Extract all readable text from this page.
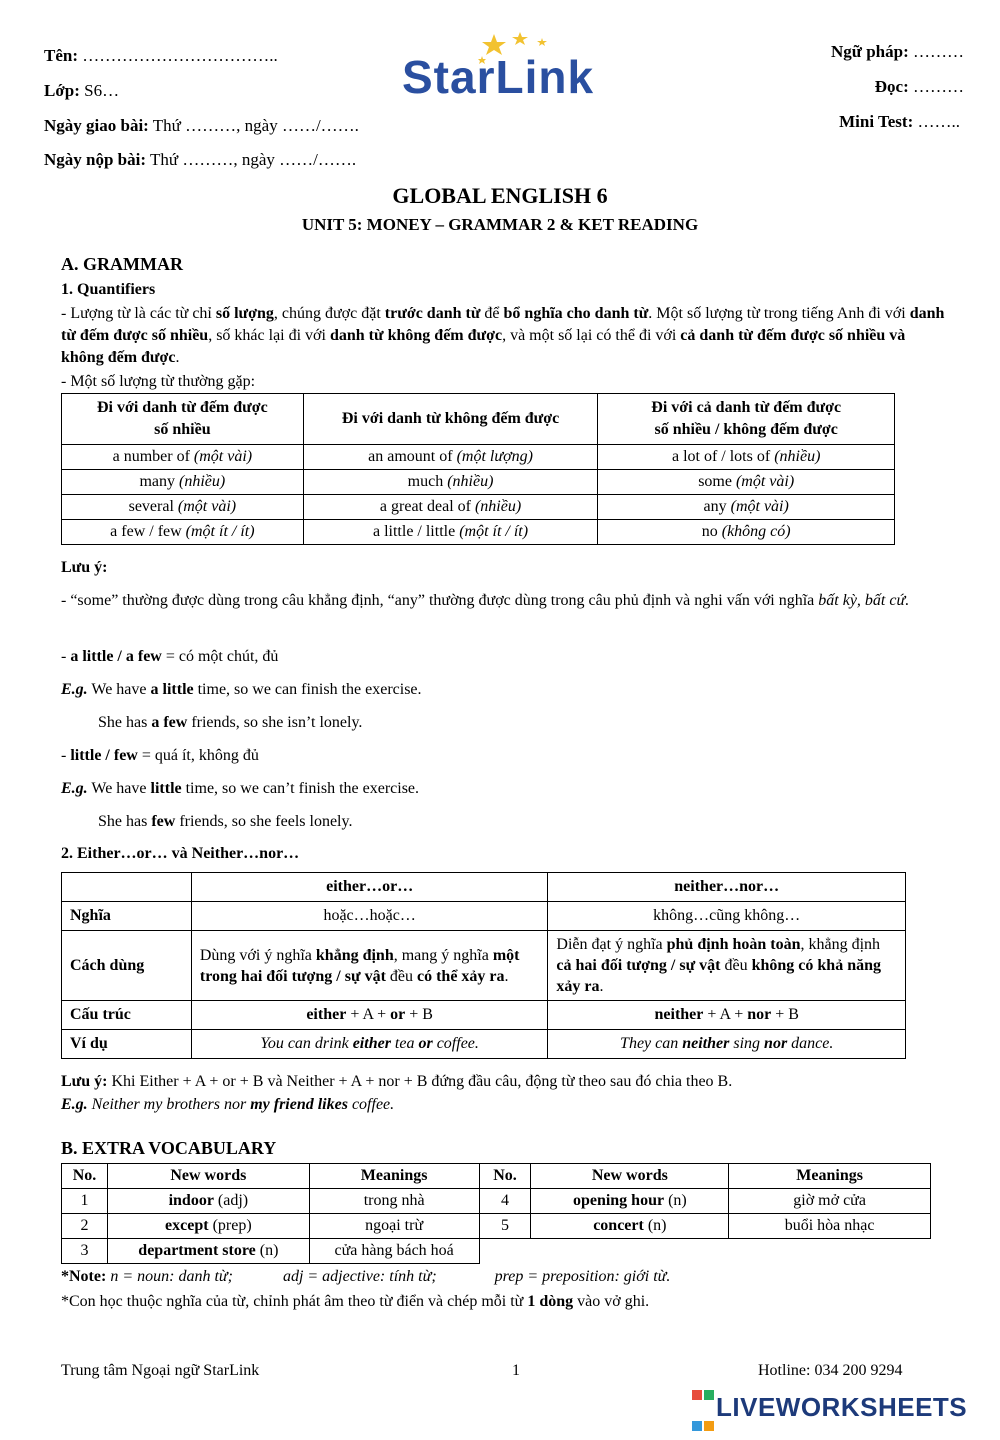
Tên: ……………………………..
Lớp: S6…
Ngày giao bài: Thứ ………, ngày ……/…….
Ngày nộp bài: Thứ ………, ngày ……/…….
Ngữ pháp: ………
Đọc: ………
Mini Test: ……..
StarLink
GLOBAL ENGLISH 6
UNIT 5: MONEY – GRAMMAR 2 & KET READING
A. GRAMMAR
1. Quantifiers
- Lượng từ là các từ chỉ số lượng, chúng được đặt trước danh từ để bổ nghĩa cho danh từ. Một số lượng từ trong tiếng Anh đi với danh từ đếm được số nhiều, số khác lại đi với danh từ không đếm được, và một số lại có thể đi với cả danh từ đếm được số nhiều và không đếm được.
- Một số lượng từ thường gặp:
Đi với danh từ đếm được
số nhiều	Đi với danh từ không đếm được	Đi với cả danh từ đếm được
số nhiều / không đếm được
a number of (một vài)	an amount of (một lượng)	a lot of / lots of (nhiều)
many (nhiều)	much (nhiều)	some (một vài)
several (một vài)	a great deal of (nhiều)	any (một vài)
a few / few (một ít / ít)	a little / little (một ít / ít)	no (không có)
Lưu ý:
- “some” thường được dùng trong câu khẳng định, “any” thường được dùng trong câu phủ định và nghi vấn với nghĩa bất kỳ, bất cứ.
- a little / a few = có một chút, đủ
E.g. We have a little time, so we can finish the exercise.
She has a few friends, so she isn’t lonely.
- little / few = quá ít, không đủ
E.g. We have little time, so we can’t finish the exercise.
She has few friends, so she feels lonely.
2. Either…or… và Neither…nor…
	either…or…	neither…nor…
Nghĩa	hoặc…hoặc…	không…cũng không…
Cách dùng	Dùng với ý nghĩa khẳng định, mang ý nghĩa một trong hai đối tượng / sự vật đều có thể xảy ra.	Diễn đạt ý nghĩa phủ định hoàn toàn, khẳng định cả hai đối tượng / sự vật đều không có khả năng xảy ra.
Cấu trúc	either + A + or + B	neither + A + nor + B
Ví dụ	You can drink either tea or coffee.	They can neither sing nor dance.
Lưu ý: Khi Either + A + or + B và Neither + A + nor + B đứng đầu câu, động từ theo sau đó chia theo B.
E.g. Neither my brothers nor my friend likes coffee.
B. EXTRA VOCABULARY
No.	New words	Meanings	No.	New words	Meanings
1	indoor (adj)	trong nhà	4	opening hour (n)	giờ mở cửa
2	except (prep)	ngoại trừ	5	concert (n)	buổi hòa nhạc
3	department store (n)	cửa hàng bách hoá			
*Note: n = noun: danh từ;	adj = adjective: tính từ;	prep = preposition: giới từ.
*Con học thuộc nghĩa của từ, chỉnh phát âm theo từ điển và chép mỗi từ 1 dòng vào vở ghi.
Trung tâm Ngoại ngữ StarLink	1	Hotline: 034 200 9294

LIVEWORKSHEETS
